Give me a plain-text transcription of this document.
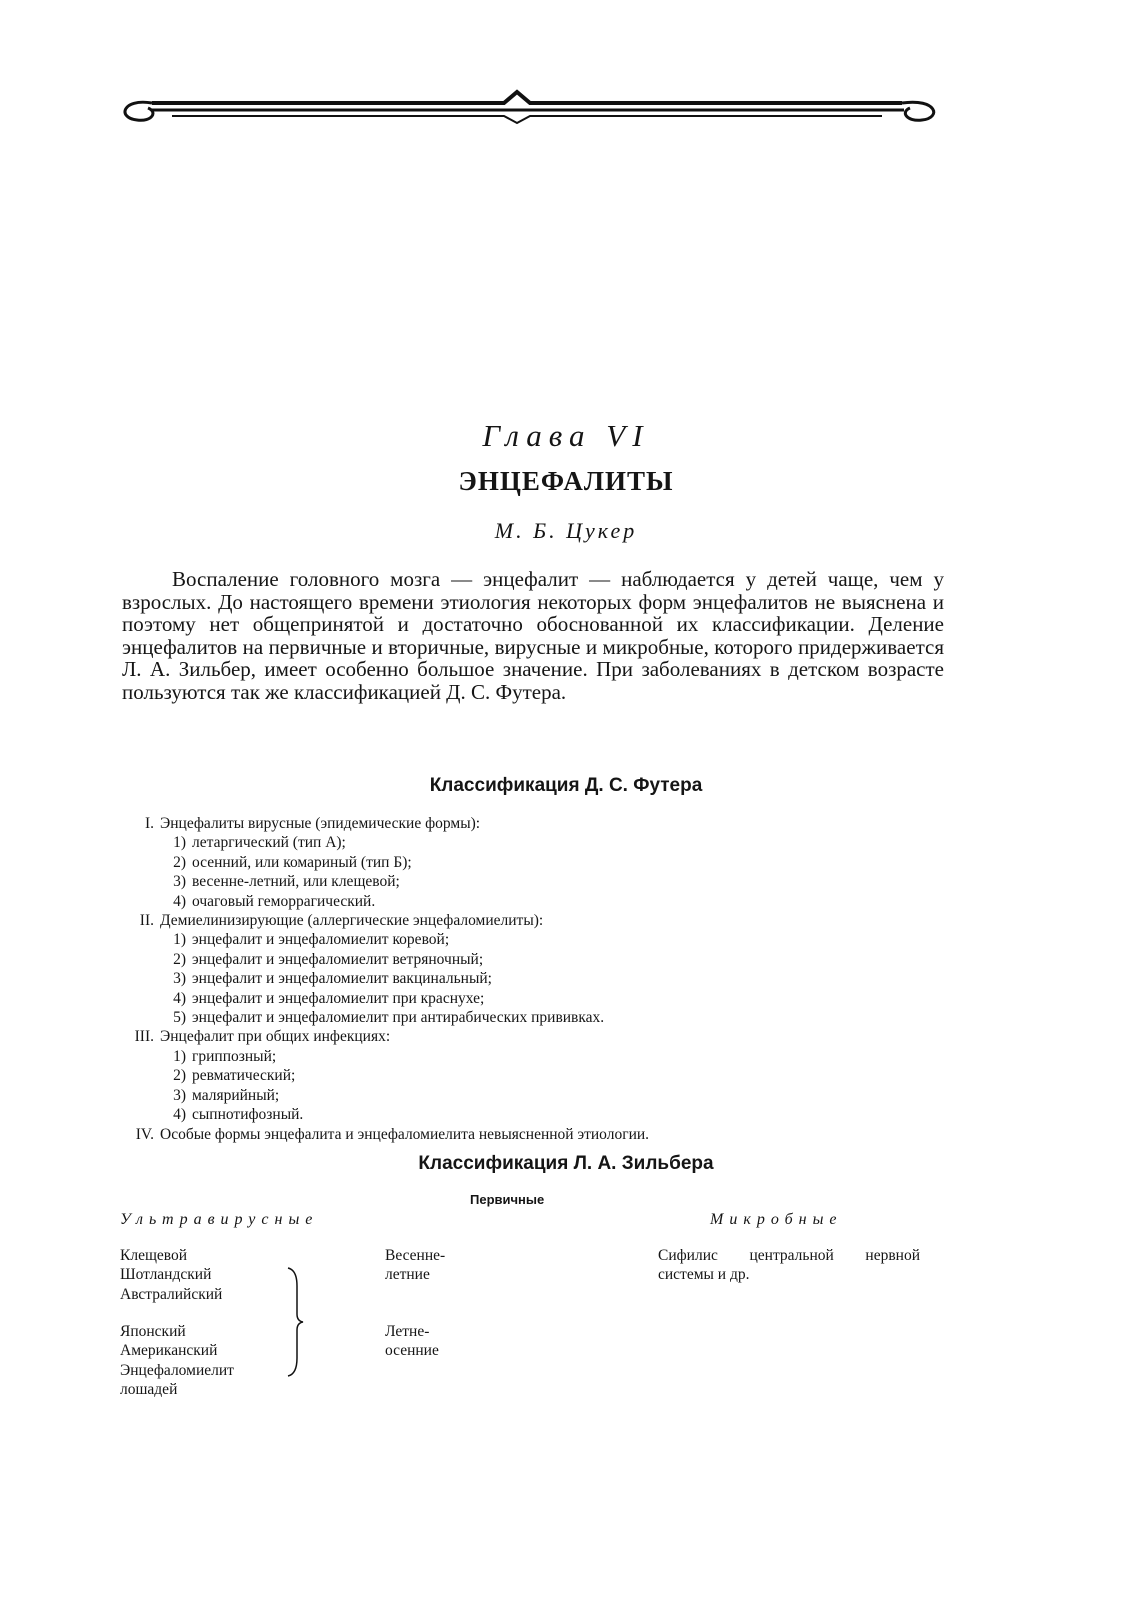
Глава VI
ЭНЦЕФАЛИТЫ
М. Б. Цукер

Воспаление головного мозга — энцефалит — наблюдается у детей чаще, чем у взрослых. До настоящего времени этиология некоторых форм энцефалитов не выяснена и поэтому нет общепринятой и достаточно обоснованной их классификации. Деление энцефалитов на первичные и вторичные, вирусные и микробные, которого придерживается Л. А. Зильбер, имеет особенно большое значение. При заболеваниях в детском возрасте пользуются так же классификацией Д. С. Футера.

Классификация Д. С. Футера
I. Энцефалиты вирусные (эпидемические формы):
1) летаргический (тип А);
2) осенний, или комариный (тип Б);
3) весенне-летний, или клещевой;
4) очаговый геморрагический.
II. Демиелинизирующие (аллергические энцефаломиелиты):
1) энцефалит и энцефаломиелит коревой;
2) энцефалит и энцефаломиелит ветряночный;
3) энцефалит и энцефаломиелит вакцинальный;
4) энцефалит и энцефаломиелит при краснухе;
5) энцефалит и энцефаломиелит при антирабических прививках.
III. Энцефалит при общих инфекциях:
1) гриппозный;
2) ревматический;
3) малярийный;
4) сыпнотифозный.
IV. Особые формы энцефалита и энцефаломиелита невыясненной этиологии.
Классификация Л. А. Зильбера
Первичные
Ультравирусные	Микробные
Клещевой
Шотландский
Австралийский
Японский
Американский
Энцефаломиелит
лошадей
Весенне-
летние
Летне-
осенние
Сифилис центральной нервной системы и др.
